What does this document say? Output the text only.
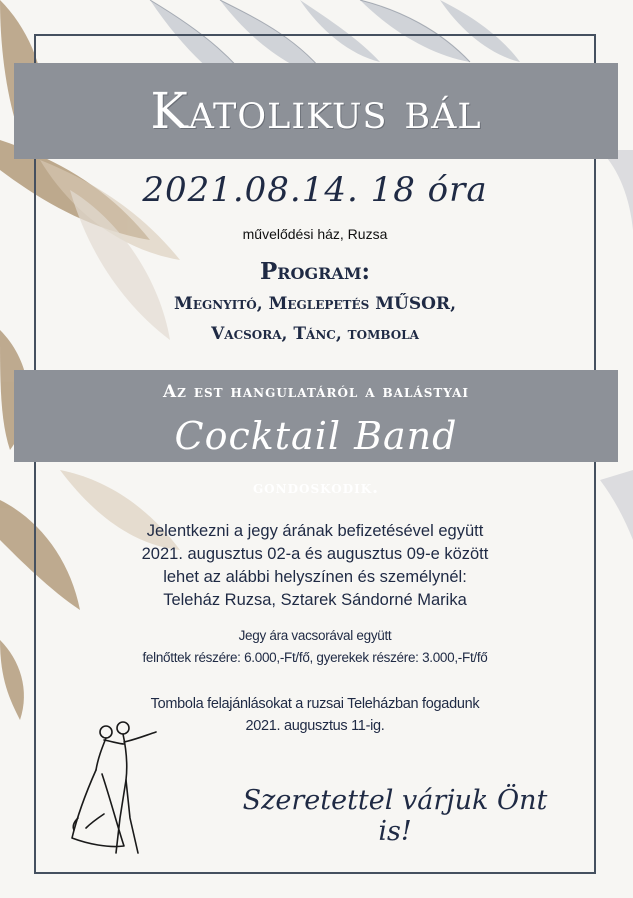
Katolikus bál
2021.08.14. 18 óra
művelődési ház, Ruzsa
Program:
Megnyitó, Meglepetés MŰSOR,
Vacsora, Tánc, tombola
Az est hangulatáról a balástyai
Cocktail Band
gondoskodik.
Jelentkezni a jegy árának befizetésével együtt
2021. augusztus 02-a és augusztus 09-e között
lehet az alábbi helyszínen és személynél:
Teleház Ruzsa, Sztarek Sándorné Marika
Jegy ára vacsorával együtt
felnőttek részére: 6.000,-Ft/fő, gyerekek részére: 3.000,-Ft/fő
Tombola felajánlásokat a ruzsai Teleházban fogadunk
2021. augusztus 11-ig.
Szeretettel várjuk Önt is!
